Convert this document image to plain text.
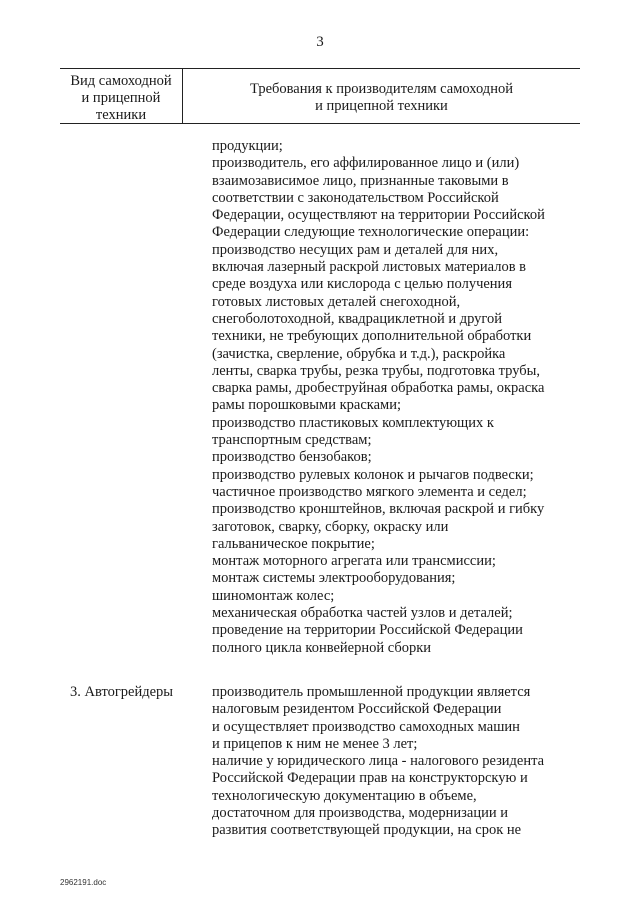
3
Вид самоходной
и прицепной
техники
Требования к производителям самоходной
и прицепной техники
продукции;
производитель, его аффилированное лицо и (или)
взаимозависимое лицо, признанные таковыми в
соответствии с законодательством Российской
Федерации, осуществляют на территории Российской
Федерации следующие технологические операции:
производство несущих рам и деталей для них,
включая лазерный раскрой листовых материалов в
среде воздуха или кислорода с целью получения
готовых листовых деталей снегоходной,
снегоболотоходной, квадрациклетной и другой
техники, не требующих дополнительной обработки
(зачистка, сверление, обрубка и т.д.), раскройка
ленты, сварка трубы, резка трубы, подготовка трубы,
сварка рамы, дробеструйная обработка рамы, окраска
рамы порошковыми красками;
производство пластиковых комплектующих к
транспортным средствам;
производство бензобаков;
производство рулевых колонок и рычагов подвески;
частичное производство мягкого элемента и седел;
производство кронштейнов, включая раскрой и гибку
заготовок, сварку, сборку, окраску или
гальваническое покрытие;
монтаж моторного агрегата или трансмиссии;
монтаж системы электрооборудования;
шиномонтаж колес;
механическая обработка частей узлов и деталей;
проведение на территории Российской Федерации
полного цикла конвейерной сборки
3. Автогрейдеры	производитель промышленной продукции является
налоговым резидентом Российской Федерации
и осуществляет производство самоходных машин
и прицепов к ним не менее 3 лет;
наличие у юридического лица - налогового резидента
Российской Федерации прав на конструкторскую и
технологическую документацию в объеме,
достаточном для производства, модернизации и
развития соответствующей продукции, на срок не
2962191.doc
